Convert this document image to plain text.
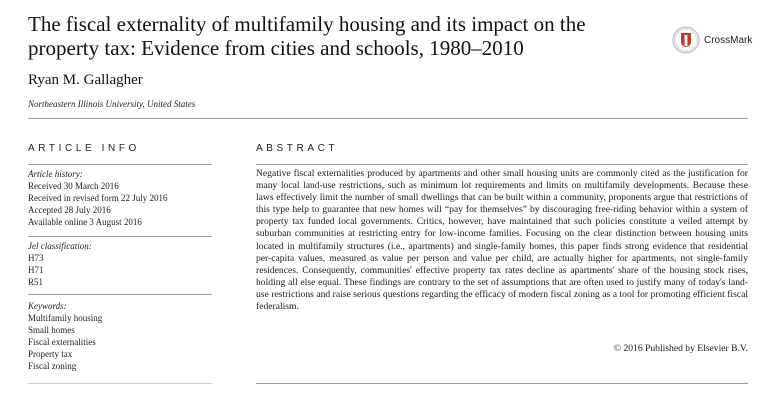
The fiscal externality of multifamily housing and its impact on the property tax: Evidence from cities and schools, 1980–2010	CrossMark
Ryan M. Gallagher
Northeastern Illinois University, United States
ARTICLE INFO	ABSTRACT
Article history:
Received 30 March 2016
Received in revised form 22 July 2016
Accepted 28 July 2016
Available online 3 August 2016
Jel classification:
H73
H71
R51
Keywords:
Multifamily housing
Small homes
Fiscal externalities
Property tax
Fiscal zoning
Negative fiscal externalities produced by apartments and other small housing units are commonly cited as the justification for many local land-use restrictions, such as minimum lot requirements and limits on multifamily developments. Because these laws effectively limit the number of small dwellings that can be built within a community, proponents argue that restrictions of this type help to guarantee that new homes will “pay for themselves” by discouraging free-riding behavior within a system of property tax funded local governments. Critics, however, have maintained that such policies constitute a veiled attempt by suburban communities at restricting entry for low-income families. Focusing on the clear distinction between housing units located in multifamily structures (i.e., apartments) and single-family homes, this paper finds strong evidence that residential per-capita values, measured as value per person and value per child, are actually higher for apartments, not single-family residences. Consequently, communities' effective property tax rates decline as apartments' share of the housing stock rises, holding all else equal. These findings are contrary to the set of assumptions that are often used to justify many of today's land-use restrictions and raise serious questions regarding the efficacy of modern fiscal zoning as a tool for promoting efficient fiscal federalism.
© 2016 Published by Elsevier B.V.
